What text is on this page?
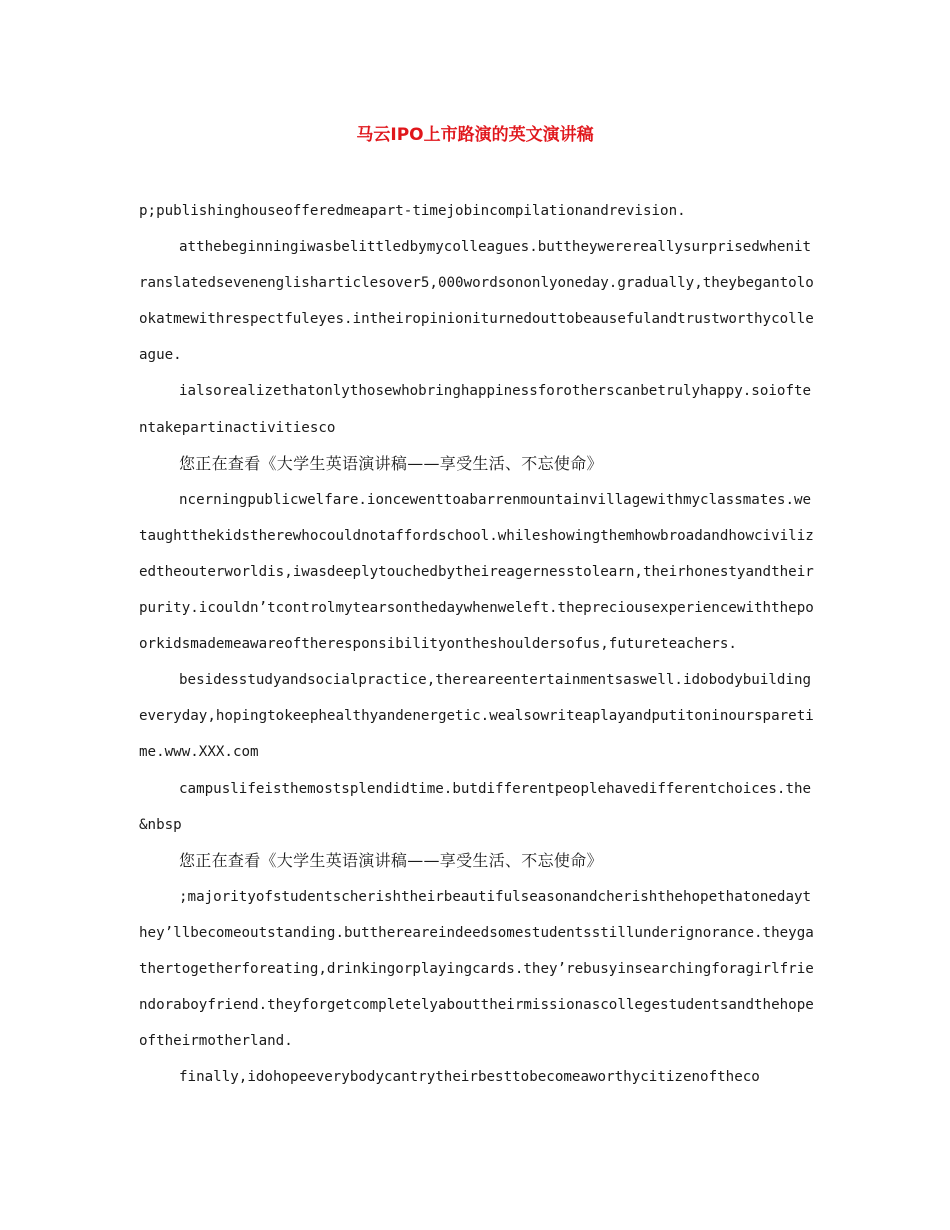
马云IPO上市路演的英文演讲稿

p;publishinghouseofferedmeapart-timejobincompilationandrevision.

atthebeginningiwasbelittledbymycolleagues.buttheywerereallysurprisedwhenitranslatedsevenenglisharticlesover5,000wordsononlyoneday.gradually,theybegantolookatmewithrespectfuleyes.intheiropinioniturnedouttobeausefulandtrustworthycolleague.

ialsorealizethatonlythosewhobringhappinessforotherscanbetrulyhappy.soioftentakepartinactivitiesco

您正在查看《大学生英语演讲稿——享受生活、不忘使命》

ncerningpublicwelfare.ioncewenttoabarrenmountainvillagewithmyclassmates.wetaughtthekidstherewhocouldnotaffordschool.whileshowingthemhowbroadandhowcivilizedtheouterworldis,iwasdeeplytouchedbytheireagernesstolearn,theirhonestyandtheirpurity.icouldn’tcontrolmytearsonthedaywhenweleft.thepreciousexperiencewiththepoorkidsmademeawareoftheresponsibilityontheshouldersofus,futureteachers.

besidesstudyandsocialpractice,thereareentertainmentsaswell.idobodybuildingeveryday,hopingtokeephealthyandenergetic.wealsowriteaplayandputitoninoursparetime.www.XXX.com

campuslifeisthemostsplendidtime.butdifferentpeoplehavedifferentchoices.the&nbsp

您正在查看《大学生英语演讲稿——享受生活、不忘使命》

;majorityofstudentscherishtheirbeautifulseasonandcherishthehopethatonedaythey’llbecomeoutstanding.butthereareindeedsomestudentsstillunderignorance.theygathertogetherforeating,drinkingorplayingcards.they’rebusyinsearchingforagirlfriendoraboyfriend.theyforgetcompletelyabouttheirmissionascollegestudentsandthehopeoftheirmotherland.

finally,idohopeeverybodycantrytheirbesttobecomeaworthycitizenoftheco
